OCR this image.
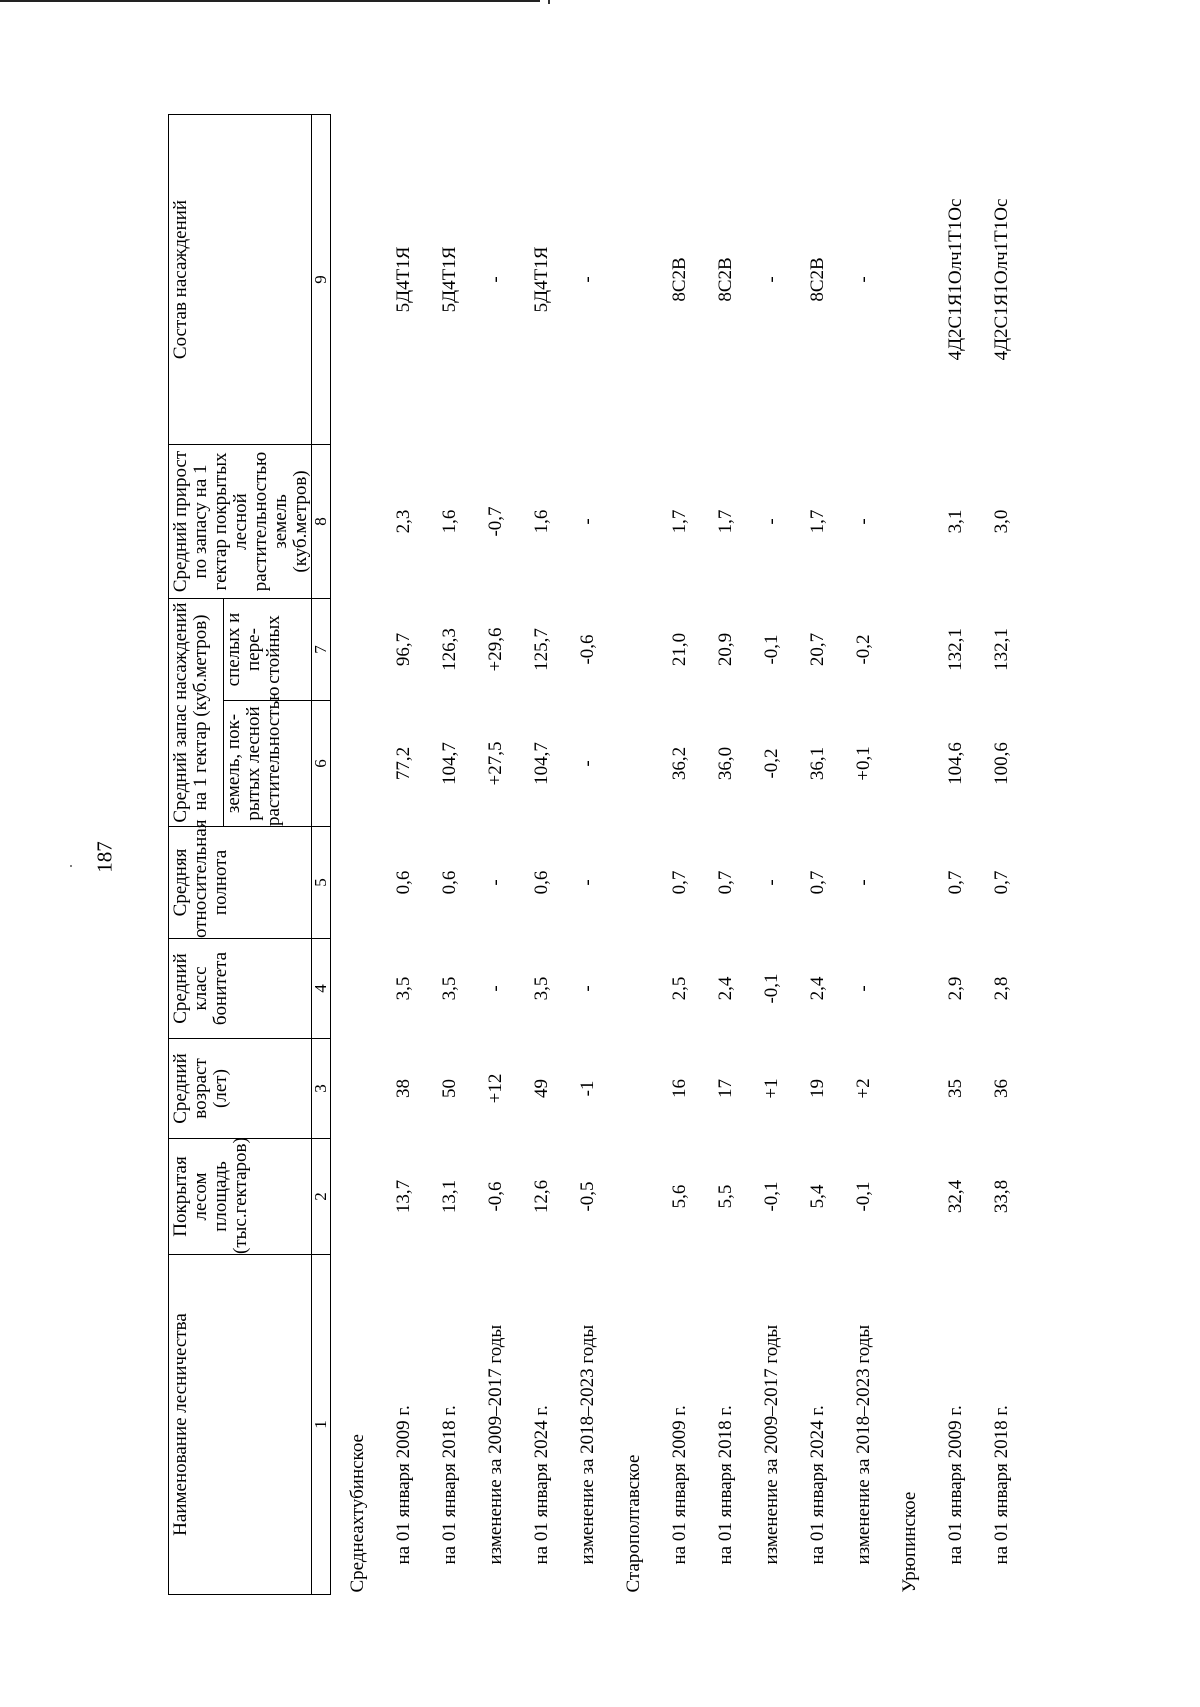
187
Наименование лесничества	Покрытая лесом площадь (тыс.гектаров)	Средний возраст (лет)	Средний класс бонитета	Средняя относительная полнота	Средний запас насаждений на 1 гектар (куб.метров)		Средний прирост по запасу на 1 гектар покрытых лесной растительностью земель (куб.метров)	Состав насаждений
					земель, пок-рытых лесной растительностью	спелых и пере-стойных		
1	2	3	4	5	6	7	8	9
Среднеахтубинское								
на 01 января 2009 г.	13,7	38	3,5	0,6	77,2	96,7	2,3	5Д4Т1Я
на 01 января 2018 г.	13,1	50	3,5	0,6	104,7	126,3	1,6	5Д4Т1Я
изменение за 2009–2017 годы	-0,6	+12	-	-	+27,5	+29,6	-0,7	-
на 01 января 2024 г.	12,6	49	3,5	0,6	104,7	125,7	1,6	5Д4Т1Я
изменение за 2018–2023 годы	-0,5	-1	-	-	-	-0,6	-	-
Старополтавское								
на 01 января 2009 г.	5,6	16	2,5	0,7	36,2	21,0	1,7	8С2В
на 01 января 2018 г.	5,5	17	2,4	0,7	36,0	20,9	1,7	8С2В
изменение за 2009–2017 годы	-0,1	+1	-0,1	-	-0,2	-0,1	-	-
на 01 января 2024 г.	5,4	19	2,4	0,7	36,1	20,7	1,7	8С2В
изменение за 2018–2023 годы	-0,1	+2	-	-	+0,1	-0,2	-	-
Урюпинское								
на 01 января 2009 г.	32,4	35	2,9	0,7	104,6	132,1	3,1	4Д2С1Я1Олч1Т1Ос
на 01 января 2018 г.	33,8	36	2,8	0,7	100,6	132,1	3,0	4Д2С1Я1Олч1Т1Ос
